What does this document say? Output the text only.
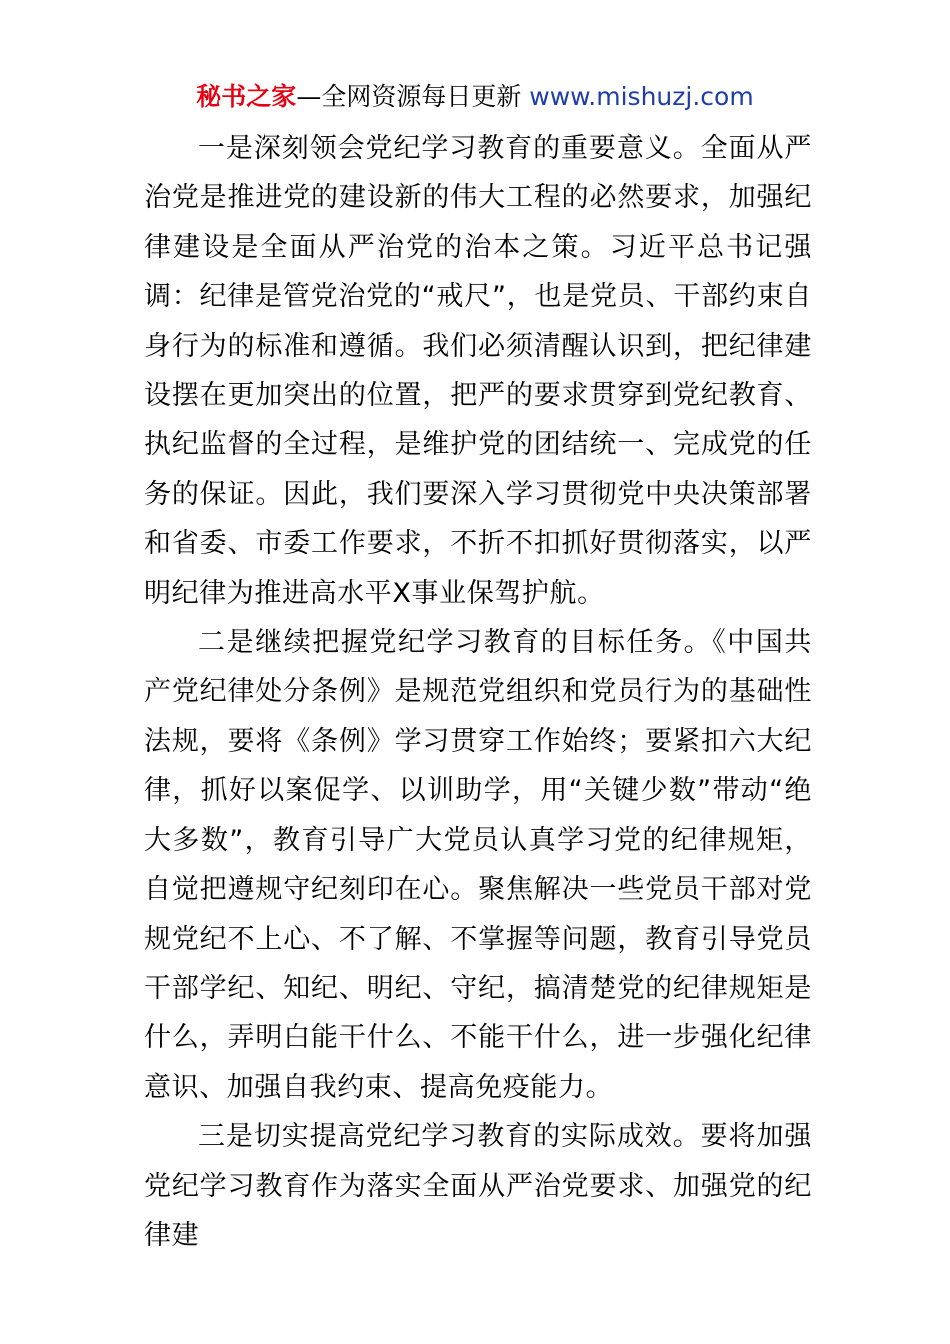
秘书之家—全网资源每日更新 www.mishuzj.com

一是深刻领会党纪学习教育的重要意义。全面从严治党是推进党的建设新的伟大工程的必然要求，加强纪律建设是全面从严治党的治本之策。习近平总书记强调：纪律是管党治党的“戒尺”，也是党员、干部约束自身行为的标准和遵循。我们必须清醒认识到，把纪律建设摆在更加突出的位置，把严的要求贯穿到党纪教育、执纪监督的全过程，是维护党的团结统一、完成党的任务的保证。因此，我们要深入学习贯彻党中央决策部署和省委、市委工作要求，不折不扣抓好贯彻落实，以严明纪律为推进高水平X事业保驾护航。

二是继续把握党纪学习教育的目标任务。《中国共产党纪律处分条例》是规范党组织和党员行为的基础性法规，要将《条例》学习贯穿工作始终；要紧扣六大纪律，抓好以案促学、以训助学，用“关键少数”带动“绝大多数”，教育引导广大党员认真学习党的纪律规矩，自觉把遵规守纪刻印在心。聚焦解决一些党员干部对党规党纪不上心、不了解、不掌握等问题，教育引导党员干部学纪、知纪、明纪、守纪，搞清楚党的纪律规矩是什么，弄明白能干什么、不能干什么，进一步强化纪律意识、加强自我约束、提高免疫能力。

三是切实提高党纪学习教育的实际成效。要将加强党纪学习教育作为落实全面从严治党要求、加强党的纪律建
